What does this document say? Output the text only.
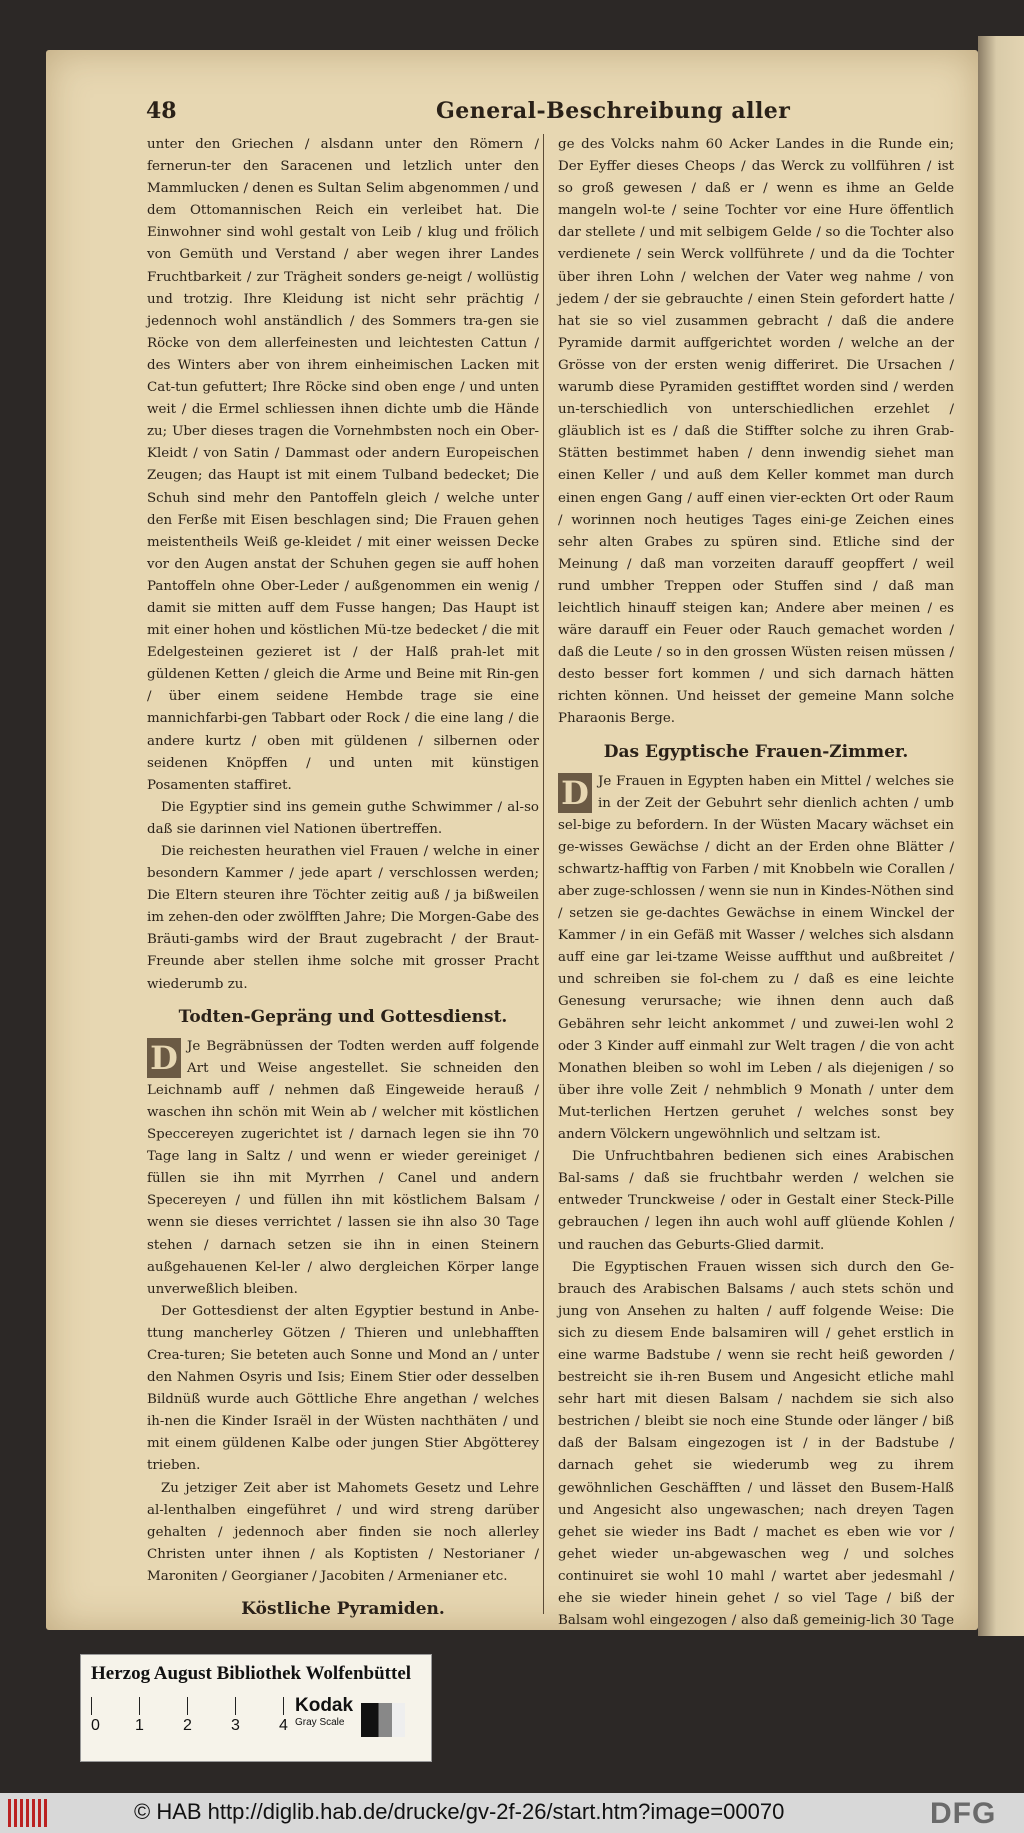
48	General-Beschreibung aller

unter den Griechen / alsdann unter den Römern / fernerun-ter den Saracenen und letzlich unter den Mammlucken / denen es Sultan Selim abgenommen / und dem Ottomannischen Reich ein verleibet hat. Die Einwohner sind wohl gestalt von Leib / klug und frölich von Gemüth und Verstand / aber wegen ihrer Landes Fruchtbarkeit / zur Trägheit sonders ge-neigt / wollüstig und trotzig. Ihre Kleidung ist nicht sehr prächtig / jedennoch wohl anständlich / des Sommers tra-gen sie Röcke von dem allerfeinesten und leichtesten Cattun / des Winters aber von ihrem einheimischen Lacken mit Cat-tun gefuttert; Ihre Röcke sind oben enge / und unten weit / die Ermel schliessen ihnen dichte umb die Hände zu; Uber dieses tragen die Vornehmbsten noch ein Ober-Kleidt / von Satin / Dammast oder andern Europeischen Zeugen; das Haupt ist mit einem Tulband bedecket; Die Schuh sind mehr den Pantoffeln gleich / welche unter den Ferße mit Eisen beschlagen sind; Die Frauen gehen meistentheils Weiß ge-kleidet / mit einer weissen Decke vor den Augen anstat der Schuhen gegen sie auff hohen Pantoffeln ohne Ober-Leder / außgenommen ein wenig / damit sie mitten auff dem Fusse hangen; Das Haupt ist mit einer hohen und köstlichen Mü-tze bedecket / die mit Edelgesteinen gezieret ist / der Halß prah-let mit güldenen Ketten / gleich die Arme und Beine mit Rin-gen / über einem seidene Hembde trage sie eine mannichfarbi-gen Tabbart oder Rock / die eine lang / die andere kurtz / oben mit güldenen / silbernen oder seidenen Knöpffen / und unten mit künstigen Posamenten staffiret.

Die Egyptier sind ins gemein guthe Schwimmer / al-so daß sie darinnen viel Nationen übertreffen.

Die reichesten heurathen viel Frauen / welche in einer besondern Kammer / jede apart / verschlossen werden; Die Eltern steuren ihre Töchter zeitig auß / ja bißweilen im zehen-den oder zwölfften Jahre; Die Morgen-Gabe des Bräuti-gambs wird der Braut zugebracht / der Braut-Freunde aber stellen ihme solche mit grosser Pracht wiederumb zu.

Todten-Gepräng und Gottesdienst.

D Je Begräbnüssen der Todten werden auff folgende Art und Weise angestellet. Sie schneiden den Leichnamb auff / nehmen daß Eingeweide herauß / waschen ihn schön mit Wein ab / welcher mit köstlichen Speccereyen zugerichtet ist / darnach legen sie ihn 70 Tage lang in Saltz / und wenn er wieder gereiniget / füllen sie ihn mit Myrrhen / Canel und andern Specereyen / und füllen ihn mit köstlichem Balsam / wenn sie dieses verrichtet / lassen sie ihn also 30 Tage stehen / darnach setzen sie ihn in einen Steinern außgehauenen Kel-ler / alwo dergleichen Körper lange unverweßlich bleiben.

Der Gottesdienst der alten Egyptier bestund in Anbe-ttung mancherley Götzen / Thieren und unlebhafften Crea-turen; Sie beteten auch Sonne und Mond an / unter den Nahmen Osyris und Isis; Einem Stier oder desselben Bildnüß wurde auch Göttliche Ehre angethan / welches ih-nen die Kinder Israël in der Wüsten nachthäten / und mit einem güldenen Kalbe oder jungen Stier Abgötterey trieben.

Zu jetziger Zeit aber ist Mahomets Gesetz und Lehre al-lenthalben eingeführet / und wird streng darüber gehalten / jedennoch aber finden sie noch allerley Christen unter ihnen / als Koptisten / Nestorianer / Maroniten / Georgianer / Jacobiten / Armenianer etc.

Köstliche Pyramiden.

ge des Volcks nahm 60 Acker Landes in die Runde ein; Der Eyffer dieses Cheops / das Werck zu vollführen / ist so groß gewesen / daß er / wenn es ihme an Gelde mangeln wol-te / seine Tochter vor eine Hure öffentlich dar stellete / und mit selbigem Gelde / so die Tochter also verdienete / sein Werck vollführete / und da die Tochter über ihren Lohn / welchen der Vater weg nahme / von jedem / der sie gebrauchte / einen Stein gefordert hatte / hat sie so viel zusammen gebracht / daß die andere Pyramide darmit auffgerichtet worden / welche an der Grösse von der ersten wenig differiret. Die Ursachen / warumb diese Pyramiden gestifftet worden sind / werden un-terschiedlich von unterschiedlichen erzehlet / gläublich ist es / daß die Stiffter solche zu ihren Grab-Stätten bestimmet haben / denn inwendig siehet man einen Keller / und auß dem Keller kommet man durch einen engen Gang / auff einen vier-eckten Ort oder Raum / worinnen noch heutiges Tages eini-ge Zeichen eines sehr alten Grabes zu spüren sind. Etliche sind der Meinung / daß man vorzeiten darauff geopffert / weil rund umbher Treppen oder Stuffen sind / daß man leichtlich hinauff steigen kan; Andere aber meinen / es wäre darauff ein Feuer oder Rauch gemachet worden / daß die Leute / so in den grossen Wüsten reisen müssen / desto besser fort kommen / und sich darnach hätten richten können. Und heisset der gemeine Mann solche Pharaonis Berge.

Das Egyptische Frauen-Zimmer.

D Je Frauen in Egypten haben ein Mittel / welches sie in der Zeit der Gebuhrt sehr dienlich achten / umb sel-bige zu befordern. In der Wüsten Macary wächset ein ge-wisses Gewächse / dicht an der Erden ohne Blätter / schwartz-hafftig von Farben / mit Knobbeln wie Corallen / aber zuge-schlossen / wenn sie nun in Kindes-Nöthen sind / setzen sie ge-dachtes Gewächse in einem Winckel der Kammer / in ein Gefäß mit Wasser / welches sich alsdann auff eine gar lei-tzame Weisse auffthut und außbreitet / und schreiben sie fol-chem zu / daß es eine leichte Genesung verursache; wie ihnen denn auch daß Gebähren sehr leicht ankommet / und zuwei-len wohl 2 oder 3 Kinder auff einmahl zur Welt tragen / die von acht Monathen bleiben so wohl im Leben / als diejenigen / so über ihre volle Zeit / nehmblich 9 Monath / unter dem Mut-terlichen Hertzen geruhet / welches sonst bey andern Völckern ungewöhnlich und seltzam ist.

Die Unfruchtbahren bedienen sich eines Arabischen Bal-sams / daß sie fruchtbahr werden / welchen sie entweder Trunckweise / oder in Gestalt einer Steck-Pille gebrauchen / legen ihn auch wohl auff glüende Kohlen / und rauchen das Geburts-Glied darmit.

Die Egyptischen Frauen wissen sich durch den Ge-brauch des Arabischen Balsams / auch stets schön und jung von Ansehen zu halten / auff folgende Weise: Die sich zu diesem Ende balsamiren will / gehet erstlich in eine warme Badstube / wenn sie recht heiß geworden / bestreicht sie ih-ren Busem und Angesicht etliche mahl sehr hart mit diesen Balsam / nachdem sie sich also bestrichen / bleibt sie noch eine Stunde oder länger / biß daß der Balsam eingezogen ist / in der Badstube / darnach gehet sie wiederumb weg zu ihrem gewöhnlichen Geschäfften / und lässet den Busem-Halß und Angesicht also ungewaschen; nach dreyen Tagen gehet sie wieder ins Badt / machet es eben wie vor / gehet wieder un-abgewaschen weg / und solches continuiret sie wohl 10 mahl / wartet aber jedesmahl / ehe sie wieder hinein gehet / so viel Tage / biß der Balsam wohl eingezogen / also daß gemeinig-lich 30 Tage

Herzog August Bibliothek Wolfenbüttel
0 1 2 3 4
Kodak
Gray Scale
© HAB http://diglib.hab.de/drucke/gv-2f-26/start.htm?image=00070	DFG
